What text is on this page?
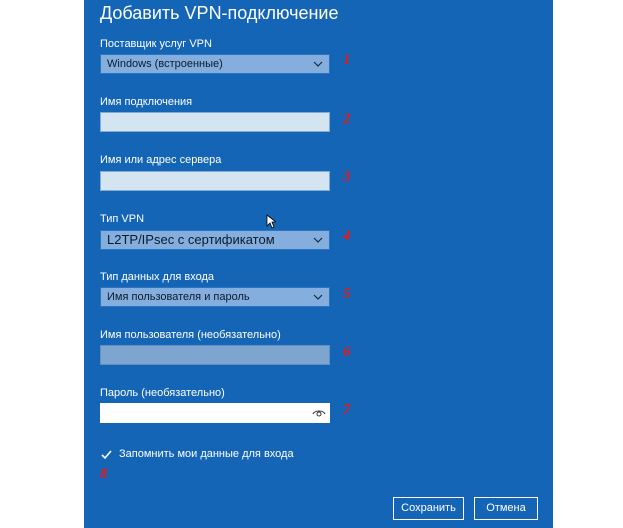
Добавить VPN-подключение
Поставщик услуг VPN
Windows (встроенные)	1
Имя подключения
2
Имя или адрес сервера
3
Тип VPN
L2TP/IPsec с сертификатом	4
Тип данных для входа
Имя пользователя и пароль	5
Имя пользователя (необязательно)
6
Пароль (необязательно)
7
Запомнить мои данные для входа
8
Сохранить	Отмена
